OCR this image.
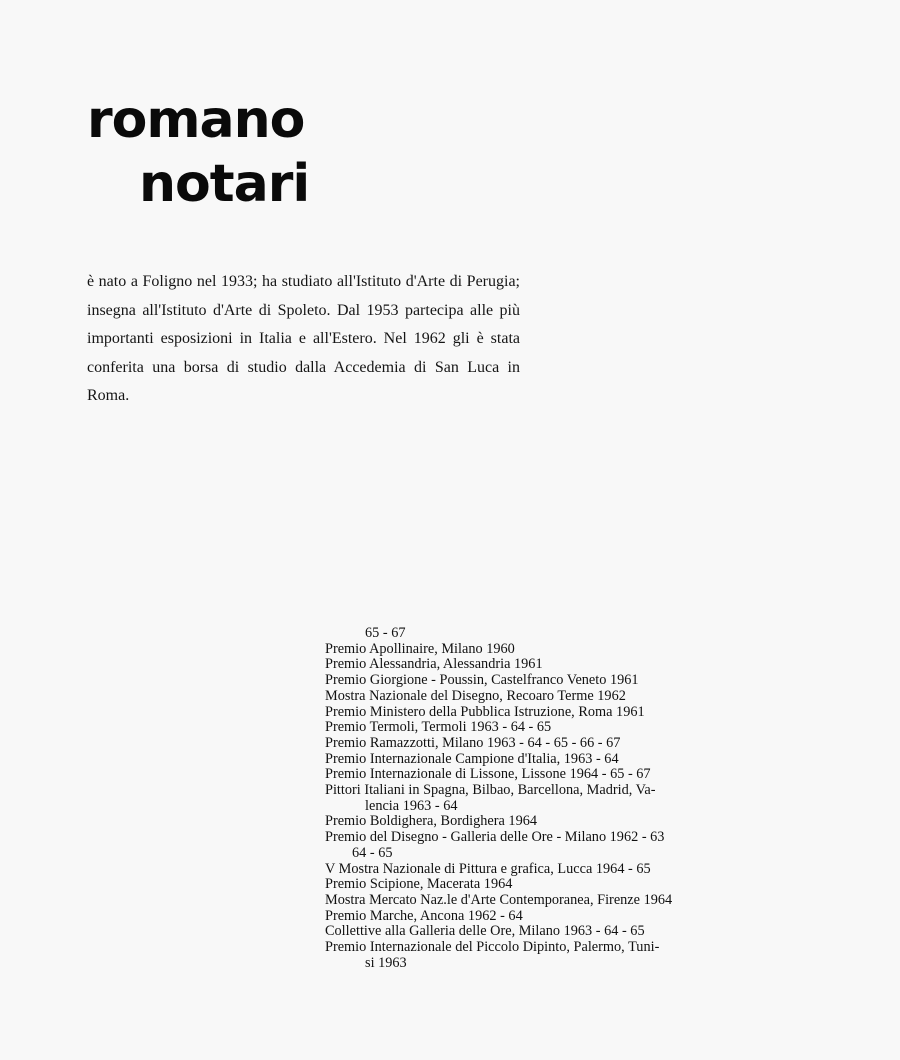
romano
notari
è nato a Foligno nel 1933; ha studiato all'Istituto d'Arte di Perugia; insegna all'Istituto d'Arte di Spoleto. Dal 1953 partecipa alle più importanti esposizioni in Italia e all'Estero. Nel 1962 gli è stata conferita una borsa di studio dalla Accedemia di San Luca in Roma.
65 - 67
Premio Apollinaire, Milano 1960
Premio Alessandria, Alessandria 1961
Premio Giorgione - Poussin, Castelfranco Veneto 1961
Mostra Nazionale del Disegno, Recoaro Terme 1962
Premio Ministero della Pubblica Istruzione, Roma 1961
Premio Termoli, Termoli 1963 - 64 - 65
Premio Ramazzotti, Milano 1963 - 64 - 65 - 66 - 67
Premio Internazionale Campione d'Italia, 1963 - 64
Premio Internazionale di Lissone, Lissone 1964 - 65 - 67
Pittori Italiani in Spagna, Bilbao, Barcellona, Madrid, Va-
lencia 1963 - 64
Premio Boldighera, Bordighera 1964
Premio del Disegno - Galleria delle Ore - Milano 1962 - 63
64 - 65
V Mostra Nazionale di Pittura e grafica, Lucca 1964 - 65
Premio Scipione, Macerata 1964
Mostra Mercato Naz.le d'Arte Contemporanea, Firenze 1964
Premio Marche, Ancona 1962 - 64
Collettive alla Galleria delle Ore, Milano 1963 - 64 - 65
Premio Internazionale del Piccolo Dipinto, Palermo, Tuni-
si 1963
